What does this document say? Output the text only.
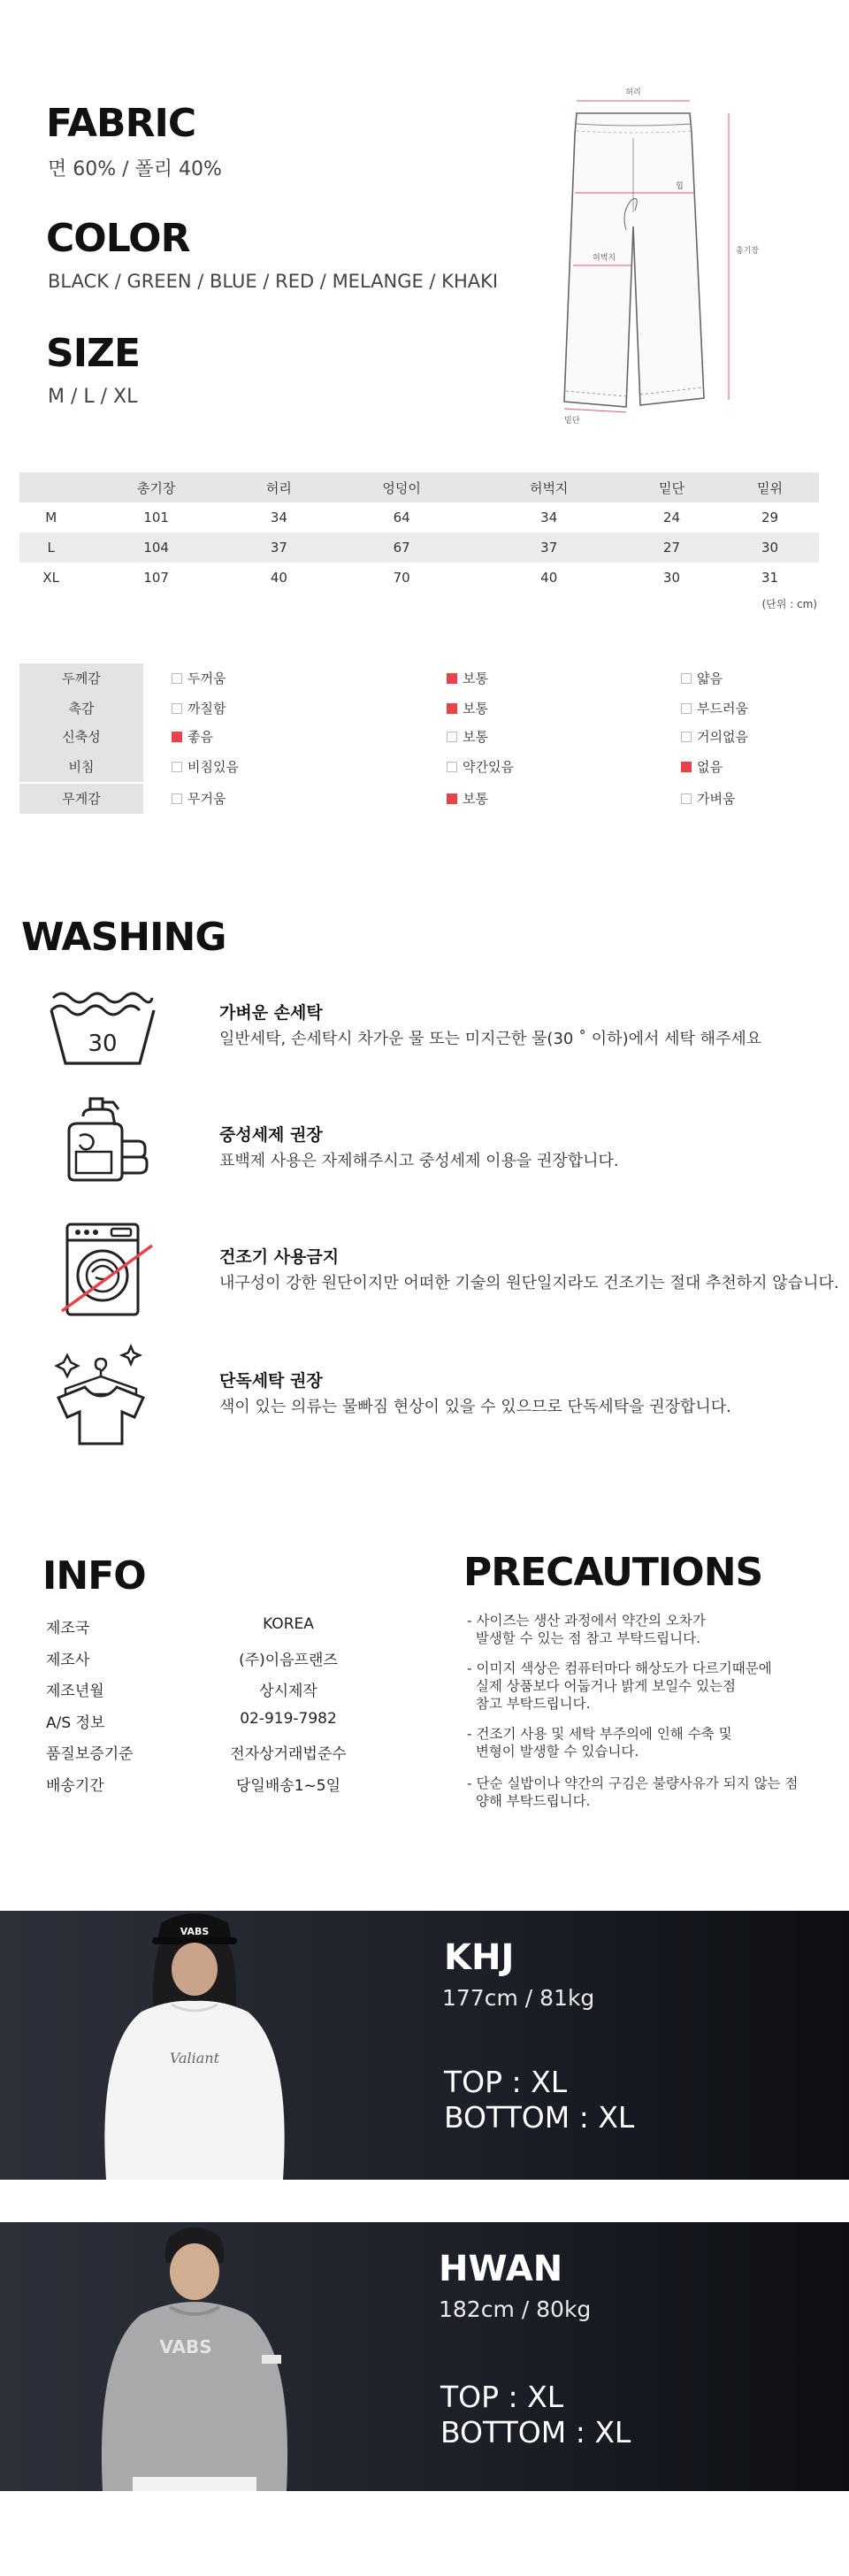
FABRIC
면 60% / 폴리 40%
COLOR
BLACK / GREEN / BLUE / RED / MELANGE / KHAKI
SIZE
M / L / XL
허리
힙
허벅지
총기장
밑단
	총기장	허리	엉덩이	허벅지	밑단	밑위
M	101	34	64	34	24	29
L	104	37	67	37	27	30
XL	107	40	70	40	30	31
(단위 : cm)
두께감	두꺼움	보통	얇음
촉감	까칠함	보통	부드러움
신축성	좋음	보통	거의없음
비침	비침있음	약간있음	없음
무게감	무거움	보통	가벼움
WASHING
30
가벼운 손세탁
일반세탁, 손세탁시 차가운 물 또는 미지근한 물(30 ˚ 이하)에서 세탁 해주세요
중성세제 권장
표백제 사용은 자제해주시고 중성세제 이용을 권장합니다.
건조기 사용금지
내구성이 강한 원단이지만 어떠한 기술의 원단일지라도 건조기는 절대 추천하지 않습니다.
단독세탁 권장
색이 있는 의류는 물빠짐 현상이 있을 수 있으므로 단독세탁을 권장합니다.
INFO
제조국	KOREA
제조사	(주)이음프랜즈
제조년월	상시제작
A/S 정보	02-919-7982
품질보증기준	전자상거래법준수
배송기간	당일배송1~5일
PRECAUTIONS
- 사이즈는 생산 과정에서 약간의 오차가
발생할 수 있는 점 참고 부탁드립니다.
- 이미지 색상은 컴퓨터마다 해상도가 다르기때문에
실제 상품보다 어둡거나 밝게 보일수 있는점
참고 부탁드립니다.
- 건조기 사용 및 세탁 부주의에 인해 수축 및
변형이 발생할 수 있습니다.
- 단순 실밥이나 약간의 구김은 불량사유가 되지 않는 점
양해 부탁드립니다.
VABS
Valiant
KHJ
177cm / 81kg
TOP : XL
BOTTOM : XL
VABS
HWAN
182cm / 80kg
TOP : XL
BOTTOM : XL
